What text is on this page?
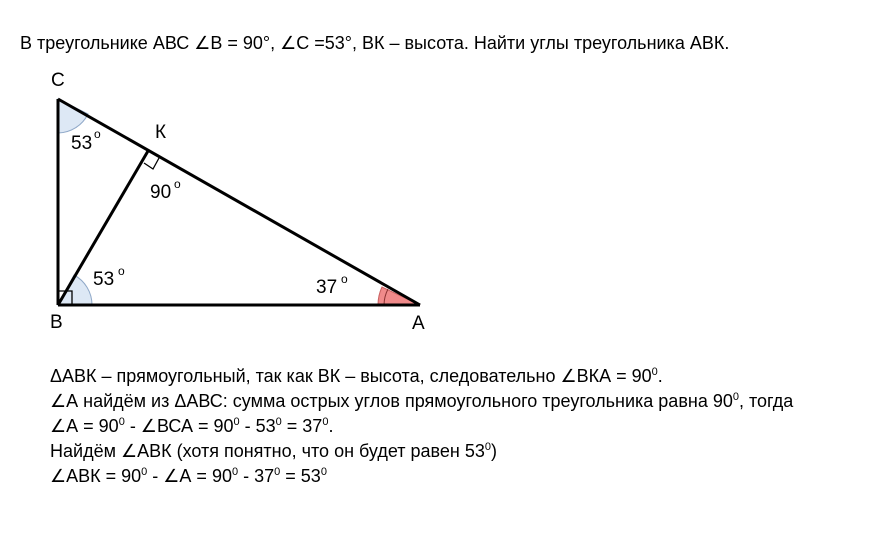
В треугольнике АВС ∠В = 90°, ∠С =53°, ВК – высота. Найти углы треугольника АВК.
С
К
В	А
53 o
90 o
53 o
37 o
ΔАВК – прямоугольный, так как ВК – высота, следовательно ∠ВКА = $90^0$.
∠А найдём из ΔАВС: сумма острых углов прямоугольного треугольника равна $90^0$, тогда
∠А = $90^0$ - ∠ВСА = $90^0 - 53^0 = 37^0$.
Найдём ∠АВК (хотя понятно, что он будет равен $53^0$)
∠АВК = $90^0$ - ∠А = $90^0 - 37^0 = 53^0$
